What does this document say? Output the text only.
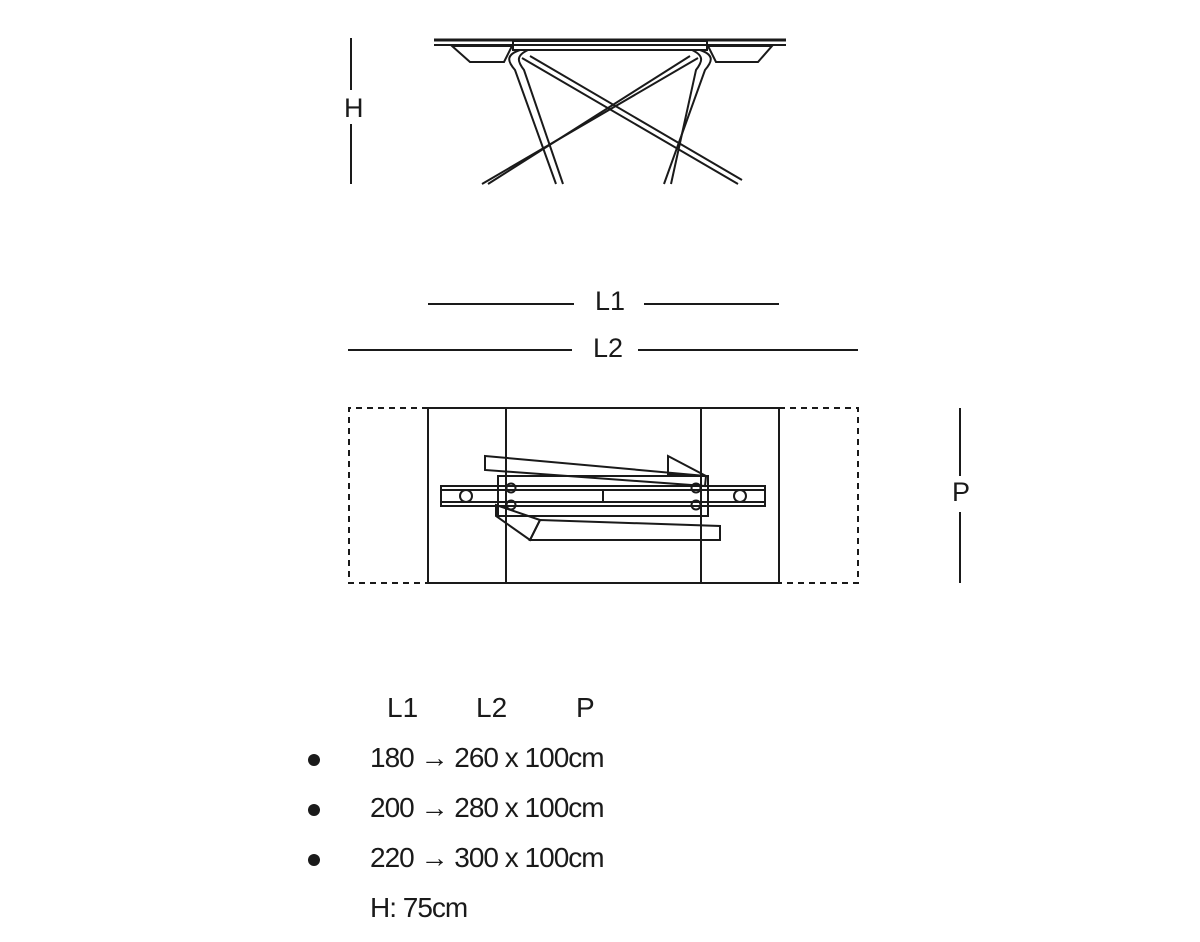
H
L1
L2
P
L1 L2 P
180 → 260 x 100cm
200 → 280 x 100cm
220 → 300 x 100cm
H: 75cm
